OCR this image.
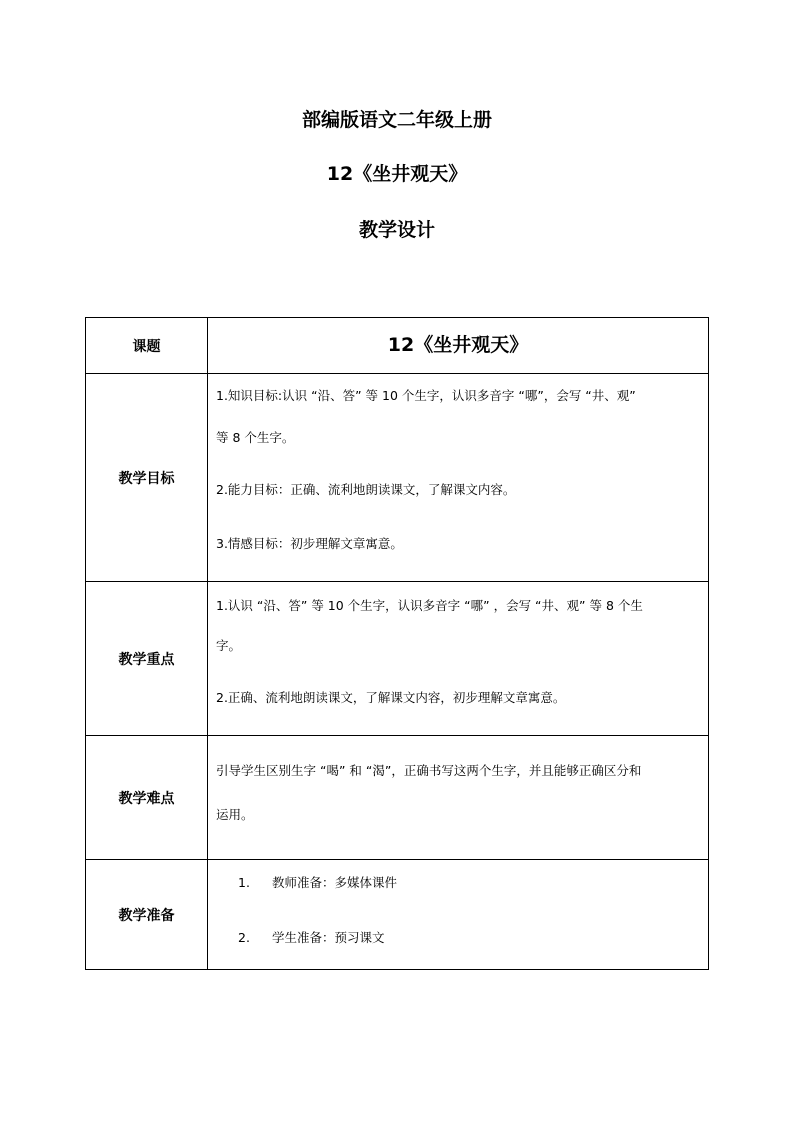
部编版语文二年级上册
12《坐井观天》
教学设计
课题	12《坐井观天》

教学目标	1.知识目标:认识 “沿、答” 等 10 个生字，认识多音字 “哪”，会写 “井、观”
等 8 个生字。
2.能力目标：正确、流利地朗读课文，了解课文内容。
3.情感目标：初步理解文章寓意。

教学重点	1.认识 “沿、答” 等 10 个生字，认识多音字 “哪” ，会写 “井、观” 等 8 个生
字。
2.正确、流利地朗读课文，了解课文内容，初步理解文章寓意。

教学难点	引导学生区别生字 “喝” 和 “渴”，正确书写这两个生字，并且能够正确区分和
运用。

教学准备	1. 教师准备：多媒体课件
2. 学生准备：预习课文
